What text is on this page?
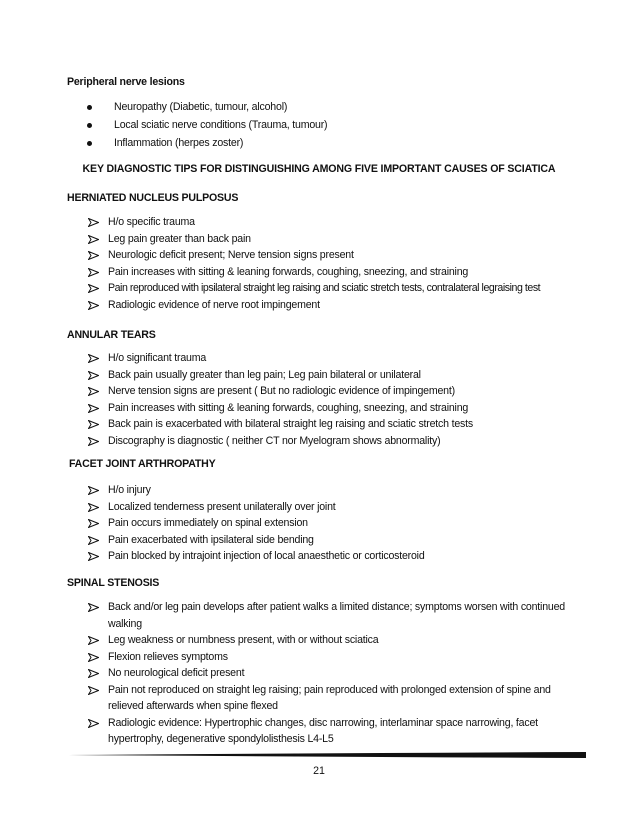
Peripheral nerve lesions
Neuropathy (Diabetic, tumour, alcohol)
Local sciatic nerve conditions (Trauma, tumour)
Inflammation (herpes zoster)
KEY DIAGNOSTIC TIPS FOR DISTINGUISHING AMONG FIVE IMPORTANT CAUSES OF SCIATICA
HERNIATED NUCLEUS PULPOSUS
H/o specific trauma
Leg pain greater than back pain
Neurologic deficit present; Nerve tension signs present
Pain increases with sitting & leaning forwards, coughing, sneezing, and straining
Pain reproduced with ipsilateral straight leg raising and sciatic stretch tests, contralateral legraising test
Radiologic evidence of nerve root impingement
ANNULAR TEARS
H/o significant trauma
Back pain usually greater than leg pain; Leg pain bilateral or unilateral
Nerve tension signs are present ( But no radiologic evidence of impingement)
Pain increases with sitting & leaning forwards, coughing, sneezing, and straining
Back pain is exacerbated with bilateral straight leg raising and sciatic stretch tests
Discography is diagnostic ( neither CT nor Myelogram shows abnormality)
FACET JOINT ARTHROPATHY
H/o injury
Localized tenderness present unilaterally over joint
Pain occurs immediately on spinal extension
Pain exacerbated with ipsilateral side bending
Pain blocked by intrajoint injection of local anaesthetic or corticosteroid
SPINAL STENOSIS
Back and/or leg pain develops after patient walks a limited distance; symptoms worsen with continued walking
Leg weakness or numbness present, with or without sciatica
Flexion relieves symptoms
No neurological deficit present
Pain not reproduced on straight leg raising; pain reproduced with prolonged extension of spine and relieved afterwards when spine flexed
Radiologic evidence: Hypertrophic changes, disc narrowing, interlaminar space narrowing, facet hypertrophy, degenerative spondylolisthesis L4-L5
21
